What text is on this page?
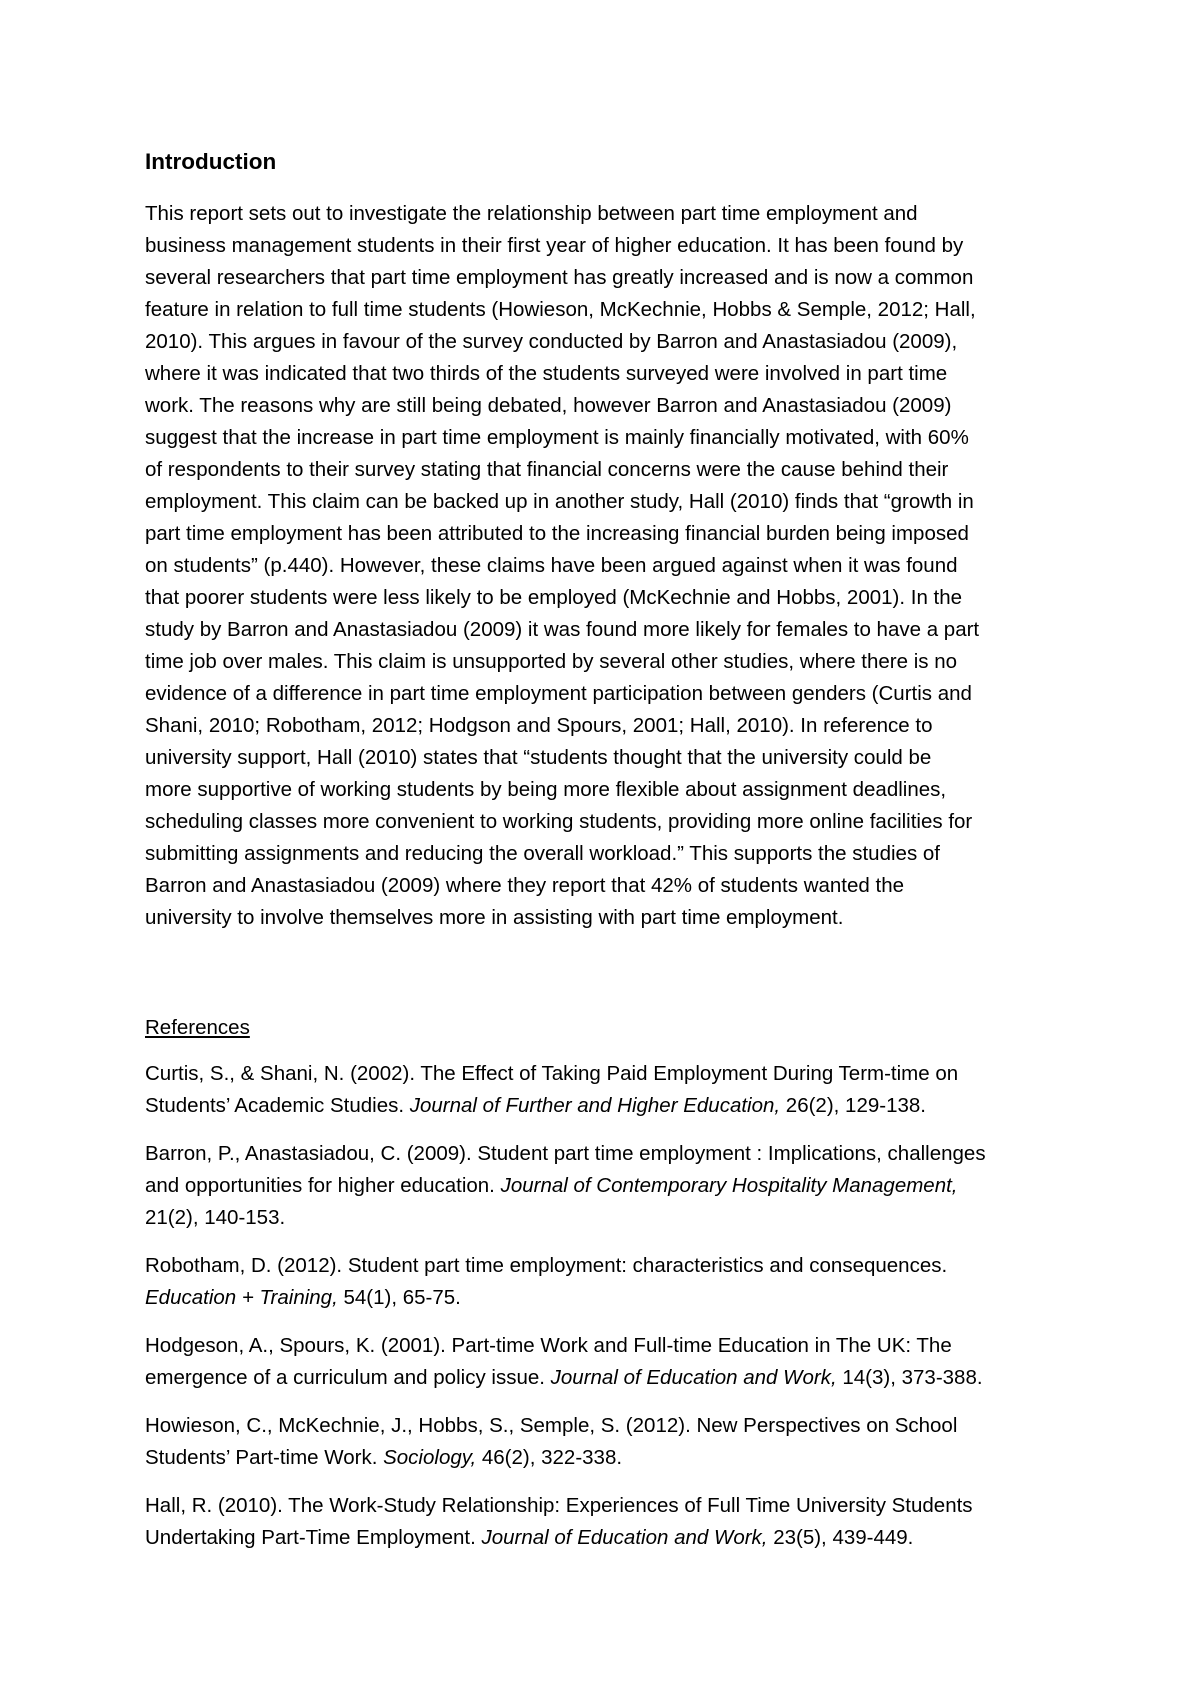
Introduction

This report sets out to investigate the relationship between part time employment and
business management students in their first year of higher education. It has been found by
several researchers that part time employment has greatly increased and is now a common
feature in relation to full time students (Howieson, McKechnie, Hobbs & Semple, 2012; Hall,
2010). This argues in favour of the survey conducted by Barron and Anastasiadou (2009),
where it was indicated that two thirds of the students surveyed were involved in part time
work. The reasons why are still being debated, however Barron and Anastasiadou (2009)
suggest that the increase in part time employment is mainly financially motivated, with 60%
of respondents to their survey stating that financial concerns were the cause behind their
employment. This claim can be backed up in another study, Hall (2010) finds that “growth in
part time employment has been attributed to the increasing financial burden being imposed
on students” (p.440). However, these claims have been argued against when it was found
that poorer students were less likely to be employed (McKechnie and Hobbs, 2001). In the
study by Barron and Anastasiadou (2009) it was found more likely for females to have a part
time job over males. This claim is unsupported by several other studies, where there is no
evidence of a difference in part time employment participation between genders (Curtis and
Shani, 2010; Robotham, 2012; Hodgson and Spours, 2001; Hall, 2010). In reference to
university support, Hall (2010) states that “students thought that the university could be
more supportive of working students by being more flexible about assignment deadlines,
scheduling classes more convenient to working students, providing more online facilities for
submitting assignments and reducing the overall workload.” This supports the studies of
Barron and Anastasiadou (2009) where they report that 42% of students wanted the
university to involve themselves more in assisting with part time employment.

References
Curtis, S., & Shani, N. (2002). The Effect of Taking Paid Employment During Term-time on
Students’ Academic Studies. Journal of Further and Higher Education, 26(2), 129-138.
Barron, P., Anastasiadou, C. (2009). Student part time employment : Implications, challenges
and opportunities for higher education. Journal of Contemporary Hospitality Management,
21(2), 140-153.
Robotham, D. (2012). Student part time employment: characteristics and consequences.
Education + Training, 54(1), 65-75.
Hodgeson, A., Spours, K. (2001). Part-time Work and Full-time Education in The UK: The
emergence of a curriculum and policy issue. Journal of Education and Work, 14(3), 373-388.
Howieson, C., McKechnie, J., Hobbs, S., Semple, S. (2012). New Perspectives on School
Students’ Part-time Work. Sociology, 46(2), 322-338.
Hall, R. (2010). The Work-Study Relationship: Experiences of Full Time University Students
Undertaking Part-Time Employment. Journal of Education and Work, 23(5), 439-449.
